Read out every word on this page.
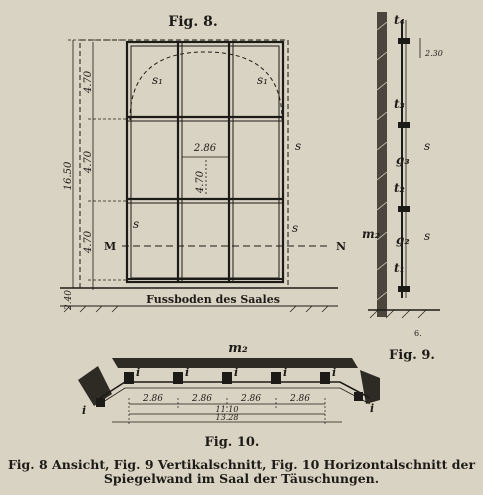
Fig. 8.
s₁	s₁
s
s	s
2.86
4.70
4.70
4.70
4.70
16.50
2.40
M	N
Fussboden des Saales
2.30
t₄
t₃
t₂
t₁
g₃
g₂
m₂
s
s
6.
Fig. 9.
m₂
i	i	i	i	i
i	i
2.86	2.86	2.86	2.86
11.10
13.28
Fig. 10.
Fig. 8 Ansicht, Fig. 9 Vertikalschnitt, Fig. 10 Horizontalschnitt der
Spiegelwand im Saal der Täuschungen.
